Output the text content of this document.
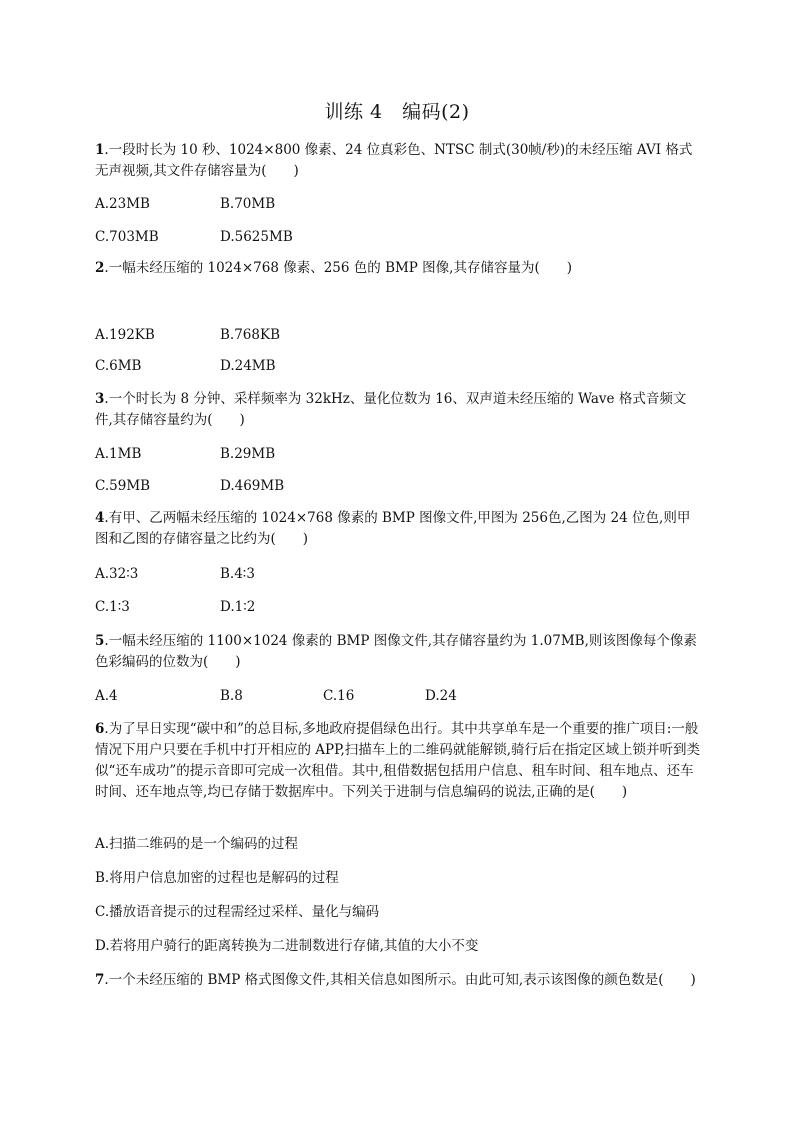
训练 4　编码(2)
1.一段时长为 10 秒、1024×800 像素、24 位真彩色、NTSC 制式(30帧/秒)的未经压缩 AVI 格式无声视频,其文件存储容量为(　　)
A.23MB	B.70MB
C.703MB	D.5625MB
2.一幅未经压缩的 1024×768 像素、256 色的 BMP 图像,其存储容量为(　　)
A.192KB	B.768KB
C.6MB	D.24MB
3.一个时长为 8 分钟、采样频率为 32kHz、量化位数为 16、双声道未经压缩的 Wave 格式音频文件,其存储容量约为(　　)
A.1MB	B.29MB
C.59MB	D.469MB
4.有甲、乙两幅未经压缩的 1024×768 像素的 BMP 图像文件,甲图为 256色,乙图为 24 位色,则甲图和乙图的存储容量之比约为(　　)
A.32∶3	B.4∶3
C.1∶3	D.1∶2
5.一幅未经压缩的 1100×1024 像素的 BMP 图像文件,其存储容量约为 1.07MB,则该图像每个像素色彩编码的位数为(　　)
A.4	B.8	C.16	D.24
6.为了早日实现“碳中和”的总目标,多地政府提倡绿色出行。其中共享单车是一个重要的推广项目:一般情况下用户只要在手机中打开相应的 APP,扫描车上的二维码就能解锁,骑行后在指定区域上锁并听到类似“还车成功”的提示音即可完成一次租借。其中,租借数据包括用户信息、租车时间、租车地点、还车时间、还车地点等,均已存储于数据库中。下列关于进制与信息编码的说法,正确的是(　　)
A.扫描二维码的是一个编码的过程
B.将用户信息加密的过程也是解码的过程
C.播放语音提示的过程需经过采样、量化与编码
D.若将用户骑行的距离转换为二进制数进行存储,其值的大小不变
7.一个未经压缩的 BMP 格式图像文件,其相关信息如图所示。由此可知,表示该图像的颜色数是(　　)
